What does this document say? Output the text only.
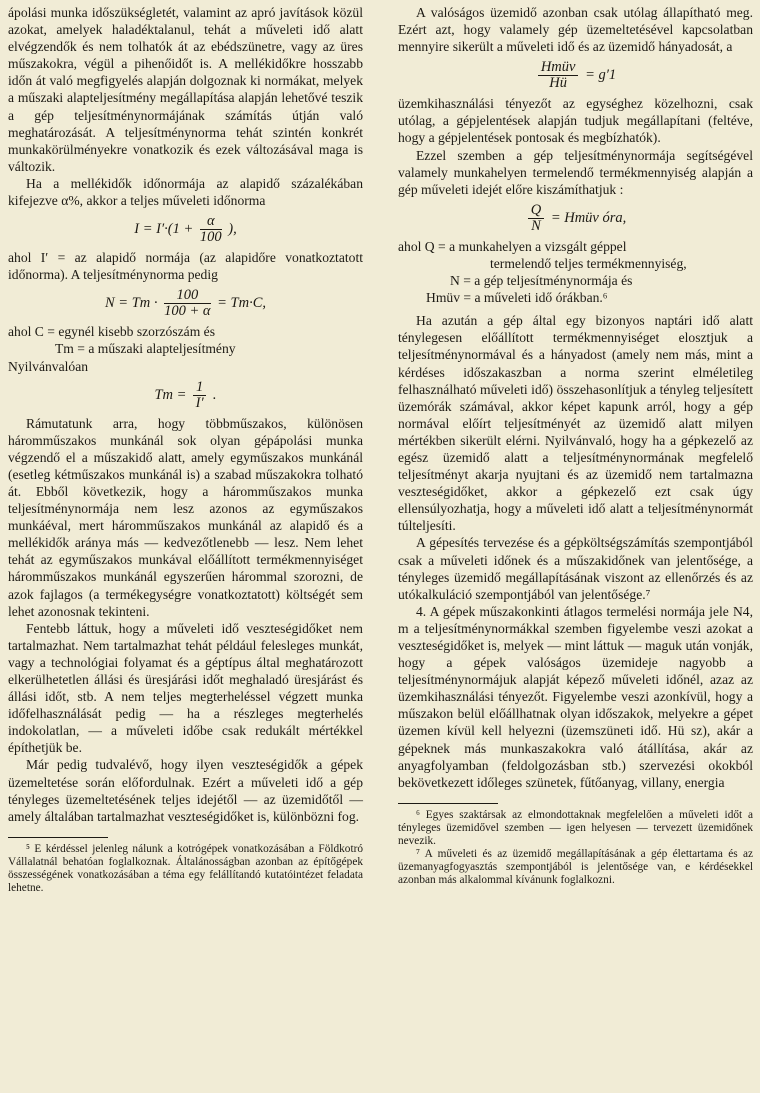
ápolási munka időszükségletét, valamint az apró javítások közül azokat, amelyek haladéktalanul, tehát a műveleti idő alatt elvégzendők és nem tolhatók át az ebédszünetre, vagy az üres műszakokra, végül a pihenőidőt is. A mellékidőkre hosszabb időn át való megfigyelés alapján dolgoznak ki normákat, melyek a műszaki alapteljesítmény megállapítása alapján lehetővé teszik a gép teljesítménynormájának számítás útján való meghatározását. A teljesítménynorma tehát szintén konkrét munkakörülményekre vonatkozik és ezek változásával maga is változik.

Ha a mellékidők időnormája az alapidő százalékában kifejezve α%, akkor a teljes műveleti időnorma

$I = I'\cdot(1 + \frac{\alpha}{100}$ ),

ahol I′ = az alapidő normája (az alapidőre vonatkoztatott időnorma). A teljesítménynorma pedig

$N = Tm \cdot \frac{100}{100 + \alpha} = Tm\cdot C$,

ahol C = egynél kisebb szorzószám és

Tm = a műszaki alapteljesítmény

Nyilvánvalóan

$Tm = \frac{1}{I'}$ .

Rámutatunk arra, hogy többműszakos, különösen háromműszakos munkánál sok olyan gépápolási munka végzendő el a műszakidő alatt, amely egyműszakos munkánál (esetleg kétműszakos munkánál is) a szabad műszakokra tolható át. Ebből következik, hogy a háromműszakos munka teljesítménynormája nem lesz azonos az egyműszakos munkáéval, mert háromműszakos munkánál az alapidő és a mellékidők aránya más — kedvezőtlenebb — lesz. Nem lehet tehát az egyműszakos munkával előállított termékmennyiséget háromműszakos munkánál egyszerűen hárommal szorozni, de azok fajlagos (a termékegységre vonatkoztatott) költségét sem lehet azonosnak tekinteni.

Fentebb láttuk, hogy a műveleti idő veszteségidőket nem tartalmazhat. Nem tartalmazhat tehát például felesleges munkát, vagy a technológiai folyamat és a géptípus által meghatározott elkerülhetetlen állási és üresjárási időt meghaladó üresjárást és állási időt, stb. A nem teljes megterheléssel végzett munka időfelhasználását pedig — ha a részleges megterhelés indokolatlan, — a műveleti időbe csak redukált mértékkel építhetjük be.

Már pedig tudvalévő, hogy ilyen veszteségidők a gépek üzemeltetése során előfordulnak. Ezért a műveleti idő a gép tényleges üzemeltetésének teljes idejétől — az üzemidőtől — amely általában tartalmazhat veszteségidőket is, különbözni fog.

⁵ E kérdéssel jelenleg nálunk a kotrógépek vonatkozásában a Földkotró Vállalatnál behatóan foglalkoznak. Általánosságban azonban az építőgépek összességének vonatkozásában a téma egy felállítandó kutatóintézet feladata lehetne.

A valóságos üzemidő azonban csak utólag állapítható meg. Ezért azt, hogy valamely gép üzemeltetésével kapcsolatban mennyire sikerült a műveleti idő és az üzemidő hányadosát, a

$\frac{\text{Hmüv}}{Hü} = g'1$

üzemkihasználási tényezőt az egységhez közelhozni, csak utólag, a gépjelentések alapján tudjuk megállapítani (feltéve, hogy a gépjelentések pontosak és megbízhatók).

Ezzel szemben a gép teljesítménynormája segítségével valamely munkahelyen termelendő termékmennyiség alapján a gép műveleti idejét előre kiszámíthatjuk :

$\frac{Q}{N}$ = Hmüv óra,

ahol Q = a munkahelyen a vizsgált géppel

termelendő teljes termékmennyiség,

N = a gép teljesítménynormája és

Hmüv = a műveleti idő órákban.⁶

Ha azután a gép által egy bizonyos naptári idő alatt ténylegesen előállított termékmennyiséget elosztjuk a teljesítménynormával és a hányadost (amely nem más, mint a kérdéses időszakaszban a norma szerint elméletileg felhasználható műveleti idő) összehasonlítjuk a tényleg teljesített üzemórák számával, akkor képet kapunk arról, hogy a gép normával előírt teljesítményét az üzemidő alatt milyen mértékben sikerült elérni. Nyilvánvaló, hogy ha a gépkezelő az egész üzemidő alatt a teljesítménynormának megfelelő teljesítményt akarja nyujtani és az üzemidő nem tartalmazna veszteségidőket, akkor a gépkezelő ezt csak úgy ellensúlyozhatja, hogy a műveleti idő alatt a teljesítménynormát túlteljesíti.

A gépesítés tervezése és a gépköltségszámítás szempontjából csak a műveleti időnek és a műszakidőnek van jelentősége, a tényleges üzemidő megállapításának viszont az ellenőrzés és az utókalkuláció szempontjából van jelentősége.⁷

4. A gépek műszakonkinti átlagos termelési normája jele N4, m a teljesítménynormákkal szemben figyelembe veszi azokat a veszteségidőket is, melyek — mint láttuk — maguk után vonják, hogy a gépek valóságos üzemideje nagyobb a teljesítménynormájuk alapját képező műveleti időnél, azaz az üzemkihasználási tényezőt. Figyelembe veszi azonkívül, hogy a műszakon belül előállhatnak olyan időszakok, melyekre a gépet üzemen kívül kell helyezni (üzemszüneti idő. Hü sz), akár a gépeknek más munkaszakokra való átállítása, akár az anyagfolyamban (feldolgozásban stb.) szervezési okokból bekövetkezett időleges szünetek, fűtőanyag, villany, energia

⁶ Egyes szaktársak az elmondottaknak megfelelően a műveleti időt a tényleges üzemidővel szemben — igen helyesen — tervezett üzemidőnek nevezik.

⁷ A műveleti és az üzemidő megállapításának a gép élettartama és az üzemanyagfogyasztás szempontjából is jelentősége van, e kérdésekkel azonban más alkalommal kívánunk foglalkozni.
